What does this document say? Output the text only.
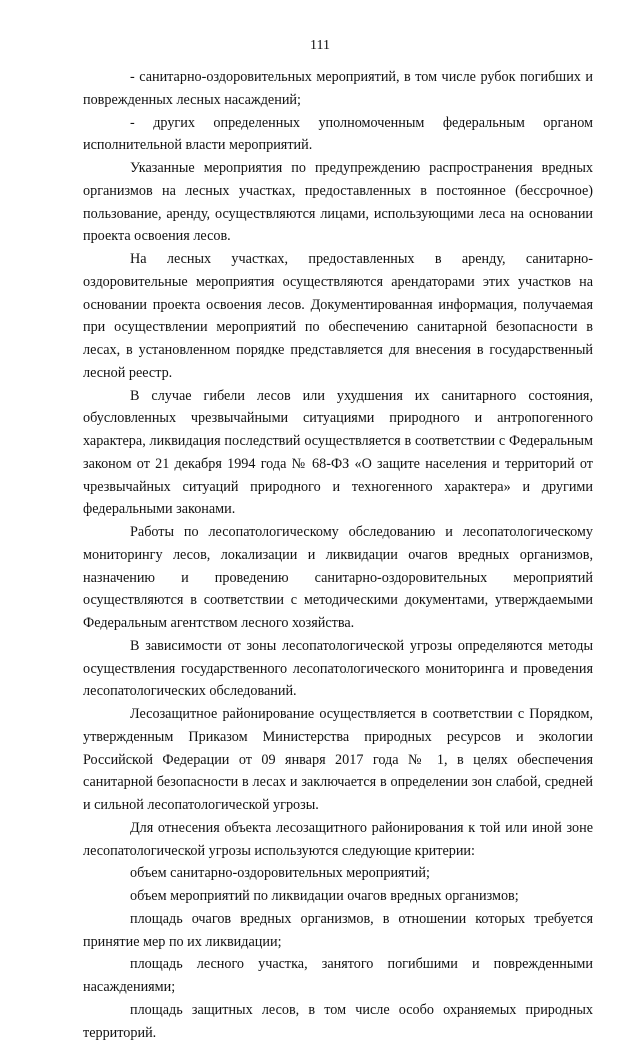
111

- санитарно-оздоровительных мероприятий, в том числе рубок погибших и поврежденных лесных насаждений;

- других определенных уполномоченным федеральным органом исполнительной власти мероприятий.

Указанные мероприятия по предупреждению распространения вредных организмов на лесных участках, предоставленных в постоянное (бессрочное) пользование, аренду, осуществляются лицами, использующими леса на основании проекта освоения лесов.

На лесных участках, предоставленных в аренду, санитарно-оздоровительные мероприятия осуществляются арендаторами этих участков на основании проекта освоения лесов. Документированная информация, получаемая при осуществлении мероприятий по обеспечению санитарной безопасности в лесах, в установленном порядке представляется для внесения в государственный лесной реестр.

В случае гибели лесов или ухудшения их санитарного состояния, обусловленных чрезвычайными ситуациями природного и антропогенного характера, ликвидация последствий осуществляется в соответствии с Федеральным законом от 21 декабря 1994 года № 68-ФЗ «О защите населения и территорий от чрезвычайных ситуаций природного и техногенного характера» и другими федеральными законами.

Работы по лесопатологическому обследованию и лесопатологическому мониторингу лесов, локализации и ликвидации очагов вредных организмов, назначению и проведению санитарно-оздоровительных мероприятий осуществляются в соответствии с методическими документами, утверждаемыми Федеральным агентством лесного хозяйства.

В зависимости от зоны лесопатологической угрозы определяются методы осуществления государственного лесопатологического мониторинга и проведения лесопатологических обследований.

Лесозащитное районирование осуществляется в соответствии с Порядком, утвержденным Приказом Министерства природных ресурсов и экологии Российской Федерации от 09 января 2017 года № 1, в целях обеспечения санитарной безопасности в лесах и заключается в определении зон слабой, средней и сильной лесопатологической угрозы.

Для отнесения объекта лесозащитного районирования к той или иной зоне лесопатологической угрозы используются следующие критерии:

объем санитарно-оздоровительных мероприятий;

объем мероприятий по ликвидации очагов вредных организмов;

площадь очагов вредных организмов, в отношении которых требуется принятие мер по их ликвидации;

площадь лесного участка, занятого погибшими и поврежденными насаждениями;

площадь защитных лесов, в том числе особо охраняемых природных территорий.
